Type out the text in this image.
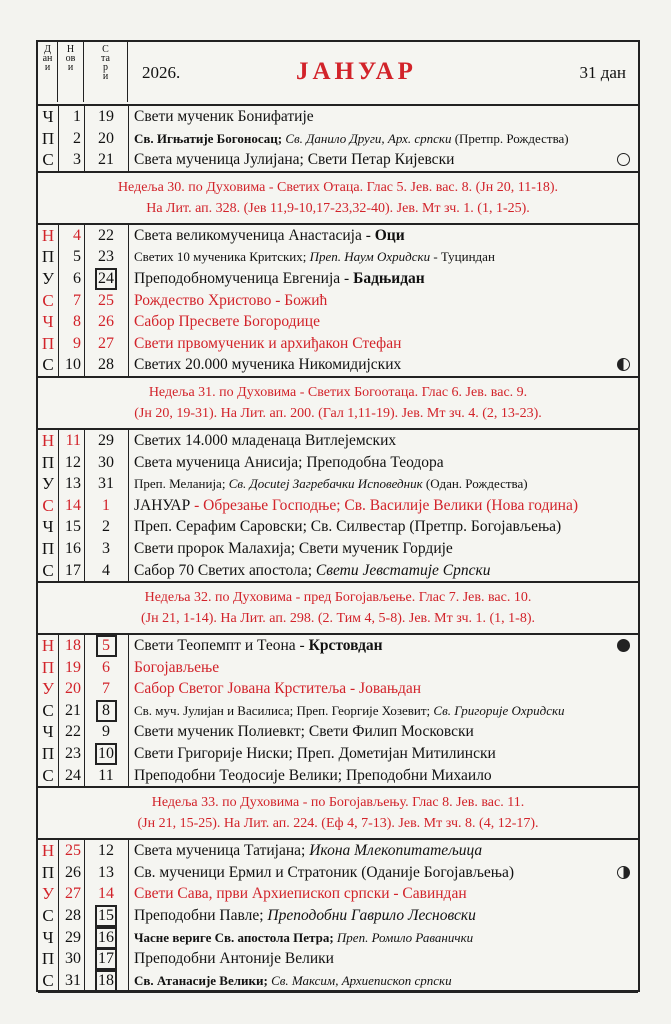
Дани
Нови
Стари 2026.	ЈАНУАР	31 дан
Ч	1	19	Свети мученик Бонифатије
П	2	20	Св. Игњатије Богоносац; Св. Данило Други, Арх. српски (Претпр. Рождества)
С	3	21	Света мученица Јулијана; Свети Петар Кијевски
Недеља 30. по Духовима - Светих Отаца. Глас 5. Јев. вас. 8. (Јн 20, 11-18).
На Лит. ап. 328. (Јев 11,9-10,17-23,32-40). Јев. Мт зч. 1. (1, 1-25).
Н	4	22	Света великомученица Анастасија - Оци
П	5	23	Светих 10 мученика Критских; Преп. Наум Охридски - Туциндан
У	6	24	Преподобномученица Евгенија - Бадњидан
С	7	25	Рождество Христово - Божић
Ч	8	26	Сабор Пресвете Богородице
П	9	27	Свети првомученик и архиђакон Стефан
С 10	28	Светих 20.000 мученика Никомидијских
Недеља 31. по Духовима - Светих Богоотаца. Глас 6. Јев. вас. 9.
(Јн 20, 19-31). На Лит. ап. 200. (Гал 1,11-19). Јев. Мт зч. 4. (2, 13-23).
Н 11	29	Светих 14.000 младенаца Витлејемских
П 12	30	Света мученица Анисија; Преподобна Теодора
У 13	31	Преп. Меланија; Св. Досиtеј Загребачки Исповедник (Одан. Рождества)
С 14	1	ЈАНУАР - Обрезање Господње; Св. Василије Велики (Нова година)
Ч 15	2	Преп. Серафим Саровски; Св. Силвестар (Претпр. Богојављења)
П 16	3	Свети пророк Малахија; Свети мученик Гордије
С 17	4	Сабор 70 Светих апостола; Свети Јевстатије Српски
Недеља 32. по Духовима - пред Богојављење. Глас 7. Јев. вас. 10.
(Јн 21, 1-14). На Лит. ап. 298. (2. Тим 4, 5-8). Јев. Мт зч. 1. (1, 1-8).
Н 18	5	Свети Теопемпт и Теона - Крстовдан
П 19	6	Богојављење
У 20	7	Сабор Светог Јована Крститеља - Јовањдан
С 21	8	Св. муч. Јулијан и Василиса; Преп. Георгије Хозевит; Св. Григорије Охридски
Ч 22	9	Свети мученик Полиевкт; Свети Филип Московски
П 23	10	Свети Григорије Ниски; Преп. Дометијан Митилински
С 24	11	Преподобни Теодосије Велики; Преподобни Михаило
Недеља 33. по Духовима - по Богојављењу. Глас 8. Јев. вас. 11.
(Јн 21, 15-25). На Лит. ап. 224. (Еф 4, 7-13). Јев. Мт зч. 8. (4, 12-17).
Н 25	12	Света мученица Татијана; Икона Млекопитатељица
П 26	13	Св. мученици Ермил и Стратоник (Оданије Богојављења)
У 27	14	Свети Сава, први Архиепископ српски - Савиндан
С 28	15	Преподобни Павле; Преподобни Гаврило Лесновски
Ч 29	16	Часне вериге Св. апостола Петра; Преп. Ромило Раванички
П 30	17	Преподобни Антоније Велики
С 31	18	Св. Атанасије Велики; Св. Максим, Архиепископ српски
